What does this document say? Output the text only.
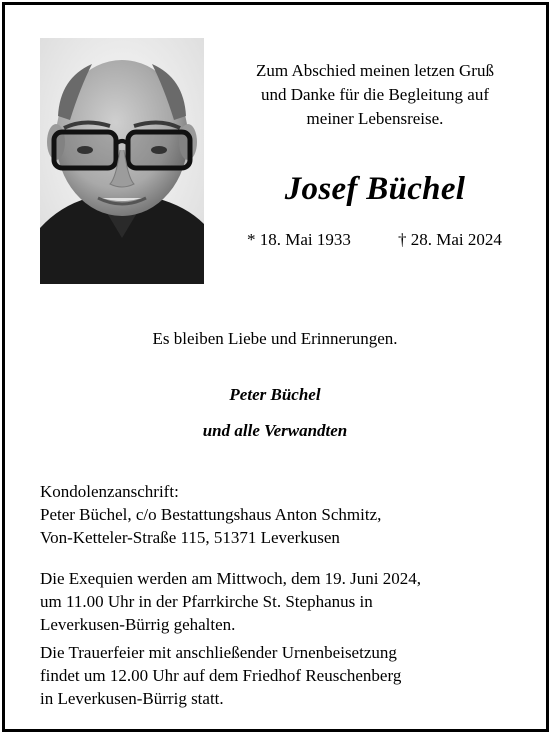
Zum Abschied meinen letzen Gruß
und Danke für die Begleitung auf
meiner Lebensreise.
Josef Büchel
* 18. Mai 1933	† 28. Mai 2024
Es bleiben Liebe und Erinnerungen.
Peter Büchel
und alle Verwandten
Kondolenzanschrift:
Peter Büchel, c/o Bestattungshaus Anton Schmitz,
Von-Ketteler-Straße 115, 51371 Leverkusen
Die Exequien werden am Mittwoch, dem 19. Juni 2024,
um 11.00 Uhr in der Pfarrkirche St. Stephanus in
Leverkusen-Bürrig gehalten.
Die Trauerfeier mit anschließender Urnenbeisetzung
findet um 12.00 Uhr auf dem Friedhof Reuschenberg
in Leverkusen-Bürrig statt.
